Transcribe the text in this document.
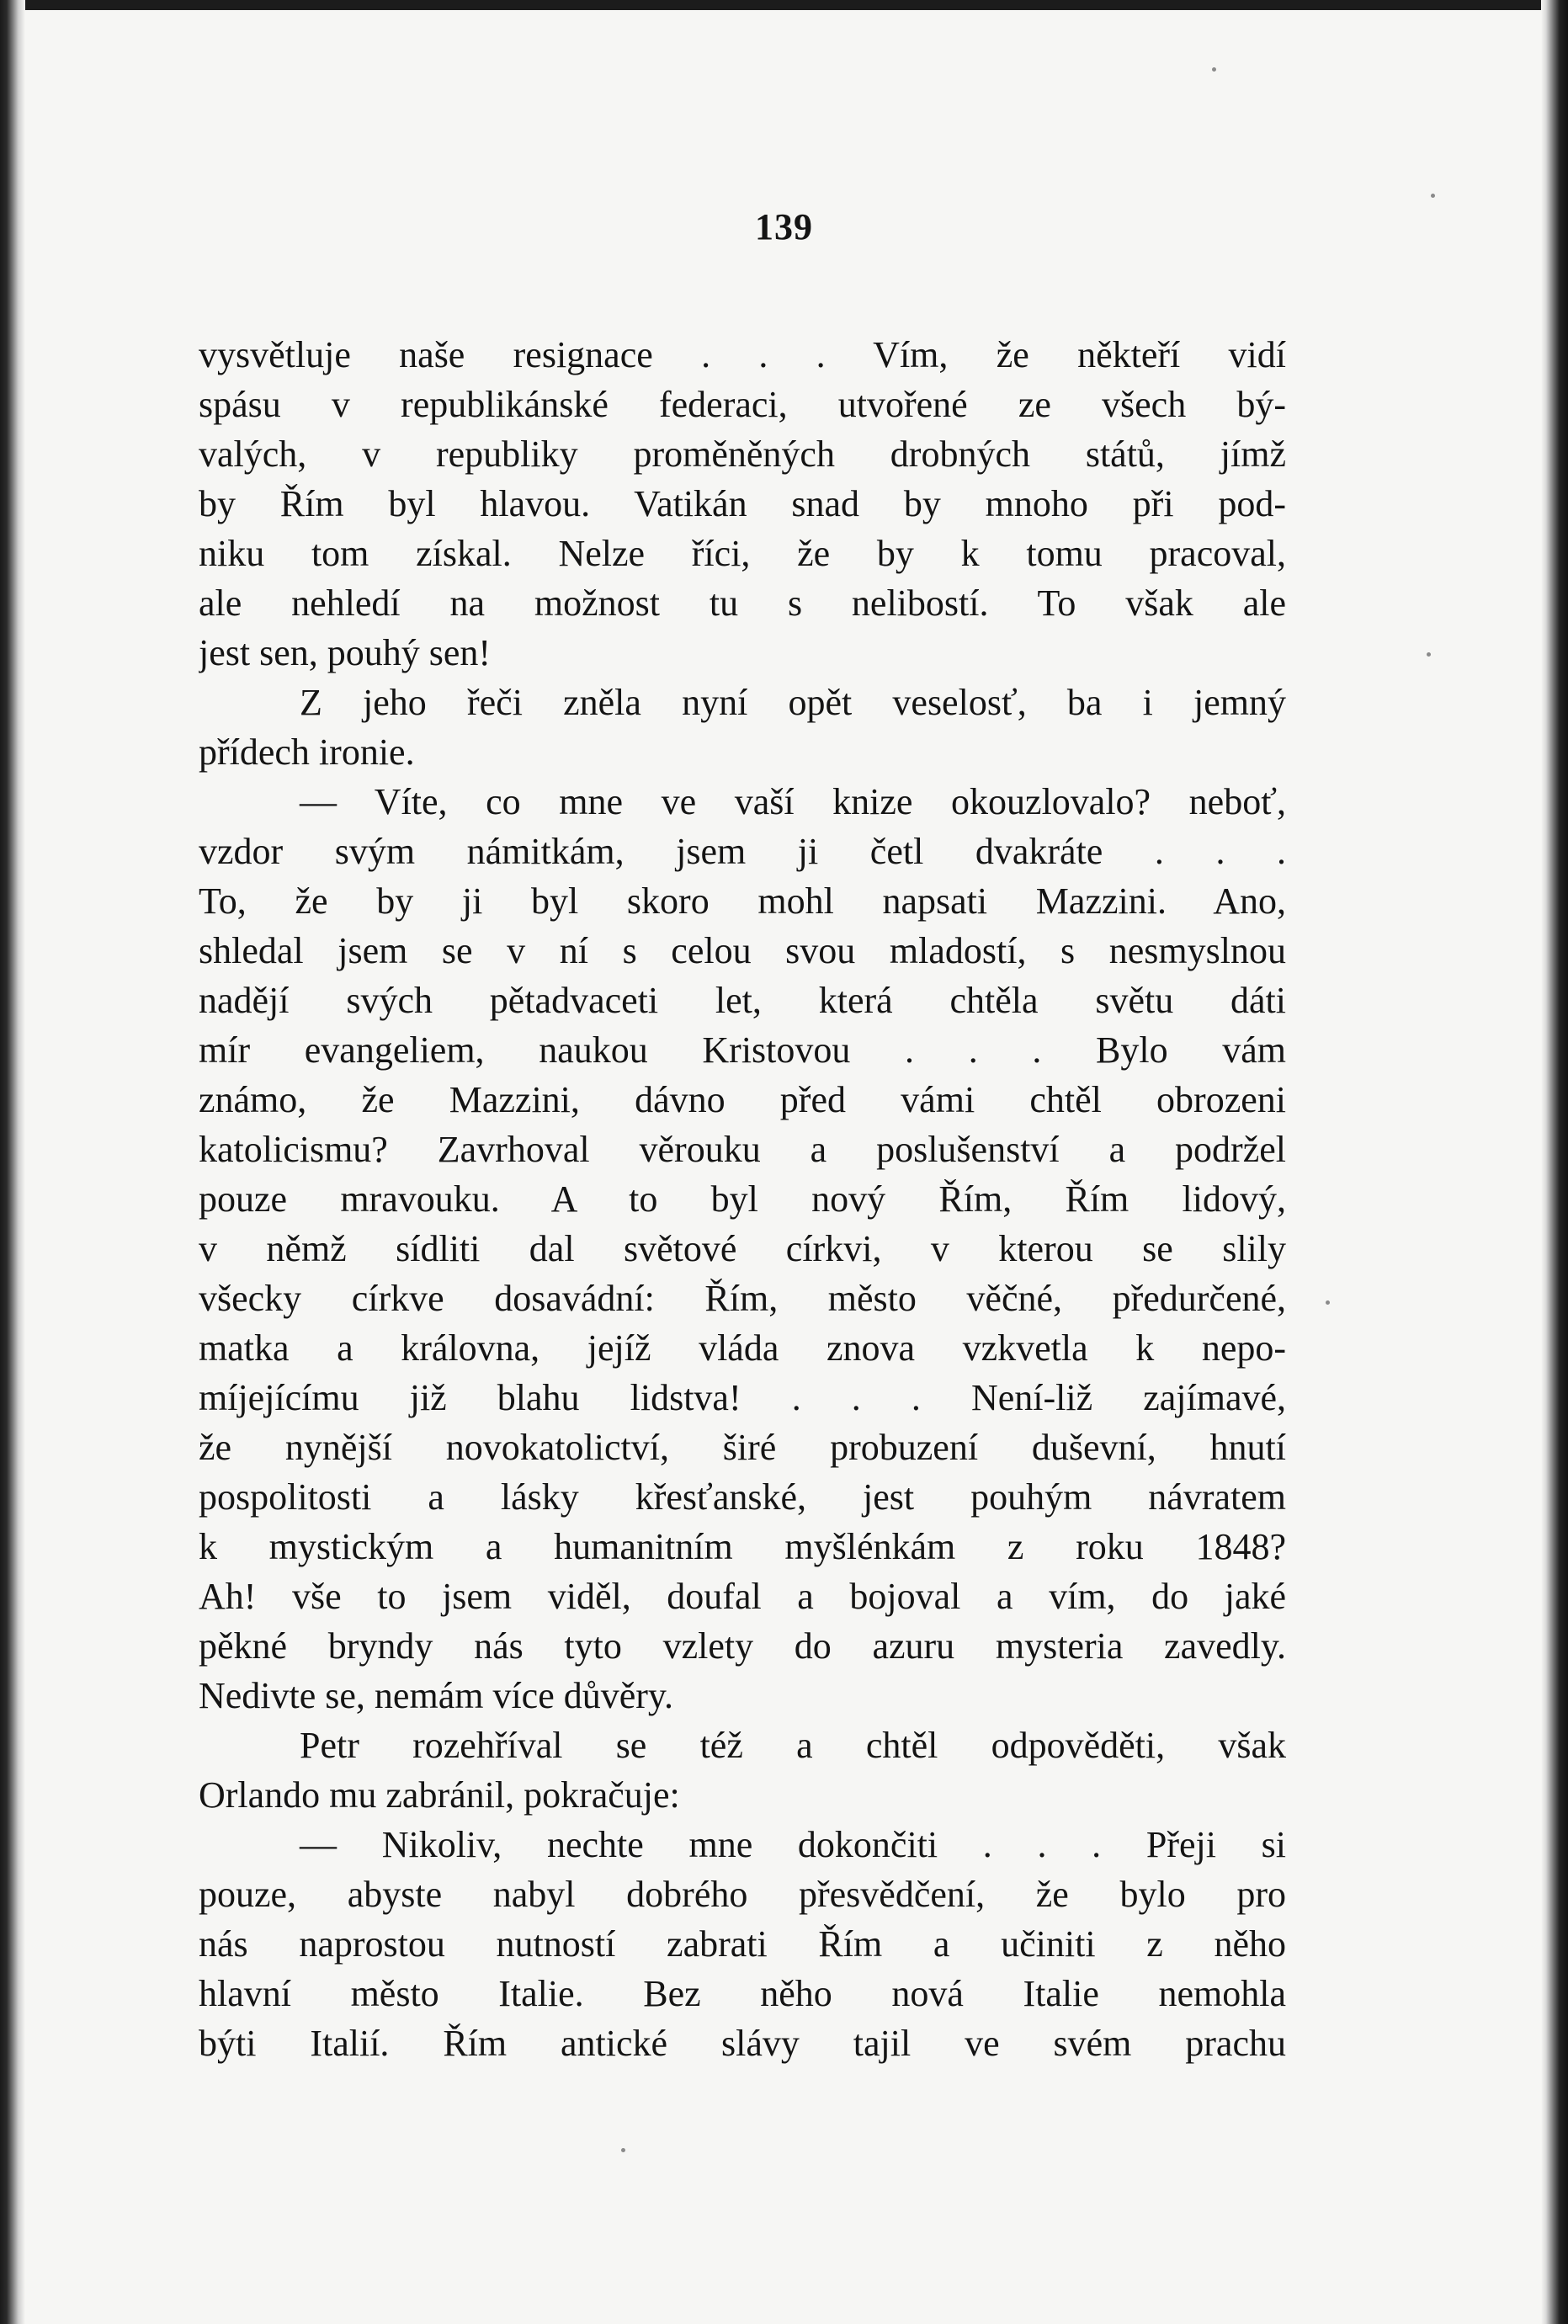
139
vysvětluje naše resignace . . . Vím, že někteří vidí
spásu v republikánské federaci, utvořené ze všech bý-
valých, v republiky proměněných drobných států, jímž
by Řím byl hlavou. Vatikán snad by mnoho při pod-
niku tom získal. Nelze říci, že by k tomu pracoval,
ale nehledí na možnost tu s nelibostí. To však ale
jest sen, pouhý sen!
Z jeho řeči zněla nyní opět veselosť, ba i jemný
přídech ironie.
— Víte, co mne ve vaší knize okouzlovalo? neboť,
vzdor svým námitkám, jsem ji četl dvakráte . . .
To, že by ji byl skoro mohl napsati Mazzini. Ano,
shledal jsem se v ní s celou svou mladostí, s nesmyslnou
nadějí svých pětadvaceti let, která chtěla světu dáti
mír evangeliem, naukou Kristovou . . . Bylo vám
známo, že Mazzini, dávno před vámi chtěl obrozeni
katolicismu? Zavrhoval věrouku a poslušenství a podržel
pouze mravouku. A to byl nový Řím, Řím lidový,
v němž sídliti dal světové církvi, v kterou se slily
všecky církve dosavádní: Řím, město věčné, předurčené,
matka a královna, jejíž vláda znova vzkvetla k nepo-
míjejícímu již blahu lidstva! . . . Není-liž zajímavé,
že nynější novokatolictví, širé probuzení duševní, hnutí
pospolitosti a lásky křesťanské, jest pouhým návratem
k mystickým a humanitním myšlénkám z roku 1848?
Ah! vše to jsem viděl, doufal a bojoval a vím, do jaké
pěkné bryndy nás tyto vzlety do azuru mysteria zavedly.
Nedivte se, nemám více důvěry.
Petr rozehříval se též a chtěl odpověděti, však
Orlando mu zabránil, pokračuje:
— Nikoliv, nechte mne dokončiti . . . Přeji si
pouze, abyste nabyl dobrého přesvědčení, že bylo pro
nás naprostou nutností zabrati Řím a učiniti z něho
hlavní město Italie. Bez něho nová Italie nemohla
býti Italií. Řím antické slávy tajil ve svém prachu
